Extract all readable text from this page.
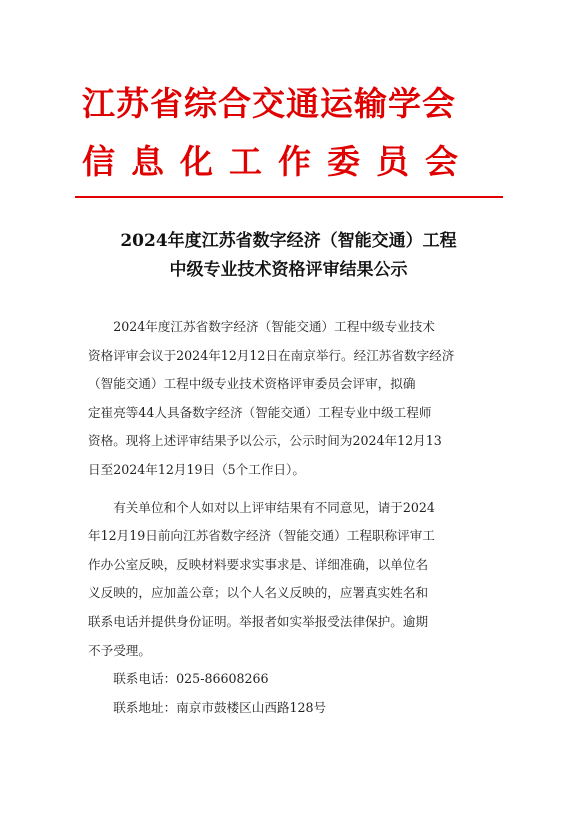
江苏省综合交通运输学会
信息化工作委员会
2024年度江苏省数字经济（智能交通）工程
中级专业技术资格评审结果公示
　　2024年度江苏省数字经济（智能交通）工程中级专业技术
资格评审会议于2024年12月12日在南京举行。经江苏省数字经济
（智能交通）工程中级专业技术资格评审委员会评审，拟确
定崔亮等44人具备数字经济（智能交通）工程专业中级工程师
资格。现将上述评审结果予以公示，公示时间为2024年12月13
日至2024年12月19日（5个工作日）。
　　有关单位和个人如对以上评审结果有不同意见，请于2024
年12月19日前向江苏省数字经济（智能交通）工程职称评审工
作办公室反映，反映材料要求实事求是、详细准确，以单位名
义反映的，应加盖公章；以个人名义反映的，应署真实姓名和
联系电话并提供身份证明。举报者如实举报受法律保护。逾期
不予受理。
　　联系电话：025-86608266
　　联系地址：南京市鼓楼区山西路128号
